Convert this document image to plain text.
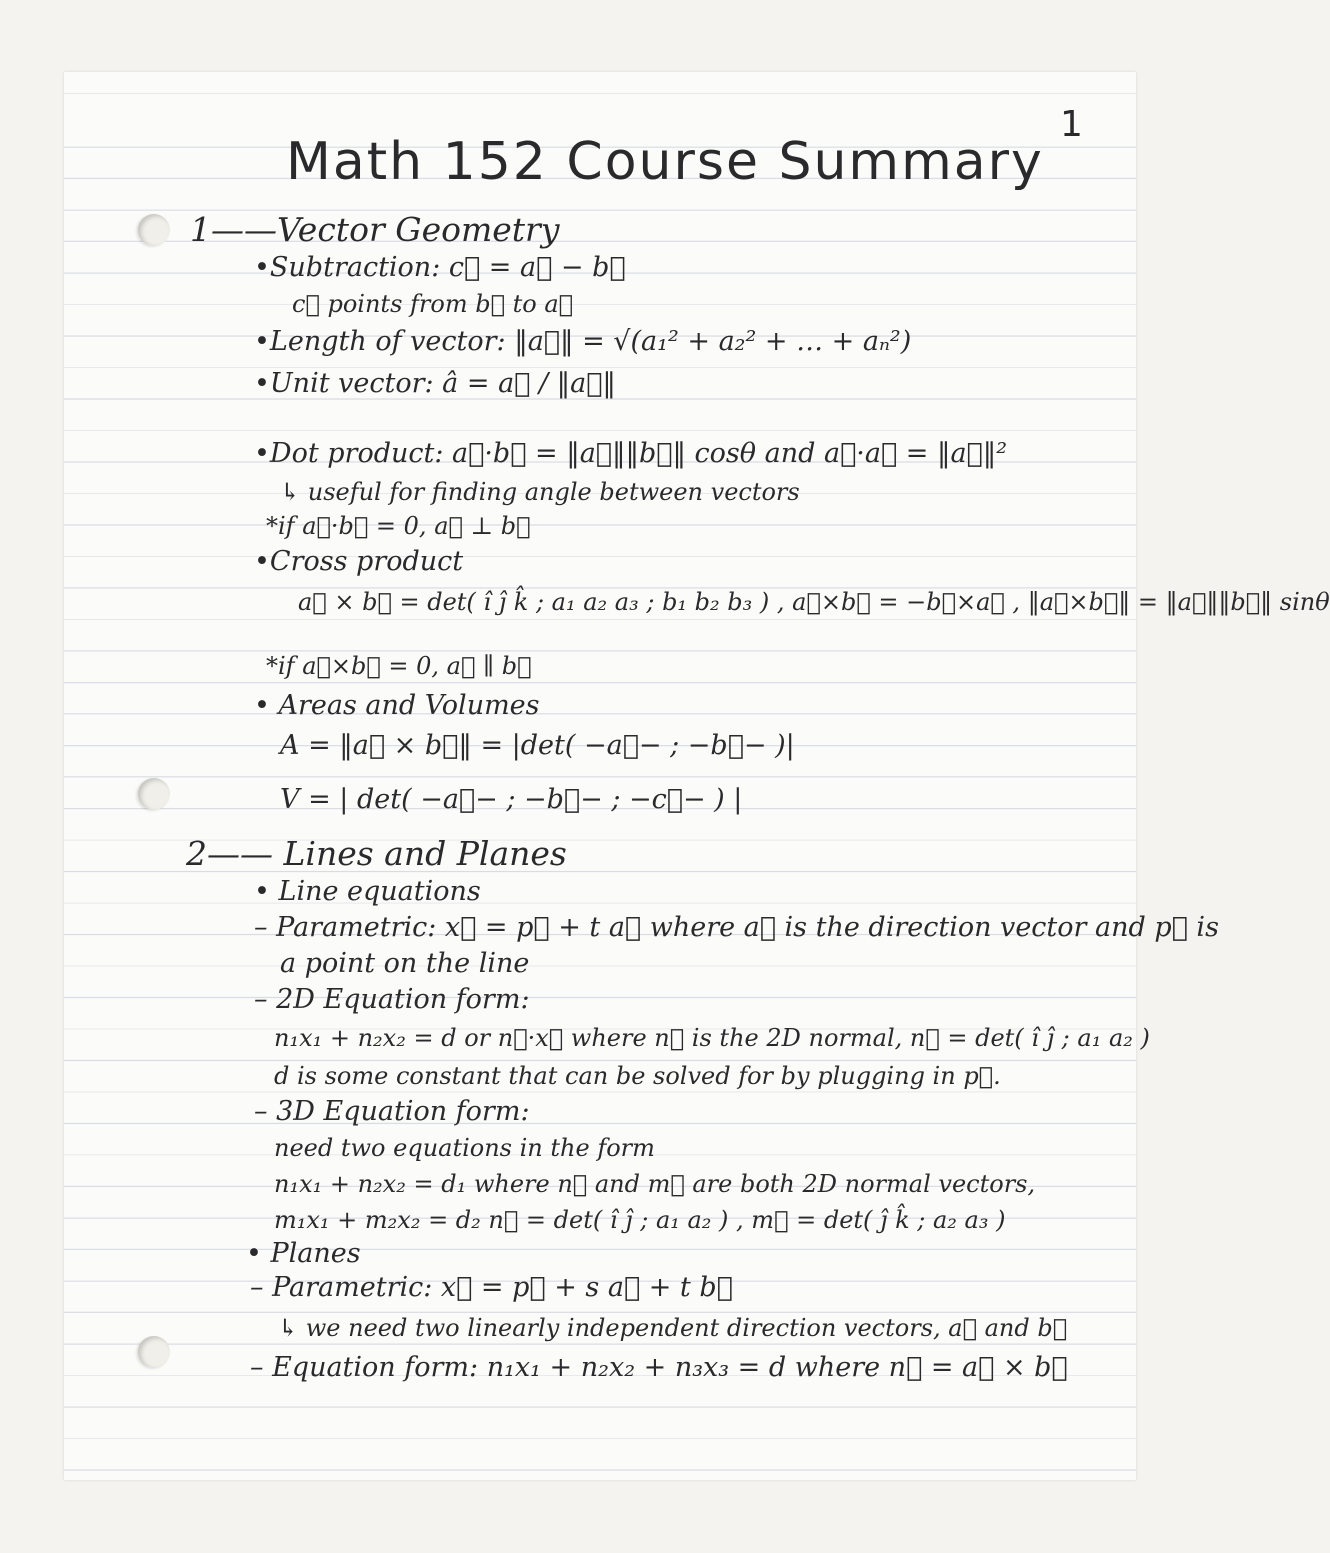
1
Math 152 Course Summary
1——Vector Geometry
•Subtraction: c⃗ = a⃗ − b⃗
c⃗ points from b⃗ to a⃗
•Length of vector: ‖a⃗‖ = √(a₁² + a₂² + … + aₙ²)
•Unit vector: â = a⃗ / ‖a⃗‖
•Dot product: a⃗·b⃗ = ‖a⃗‖‖b⃗‖ cosθ and a⃗·a⃗ = ‖a⃗‖²
↳ useful for finding angle between vectors
*if a⃗·b⃗ = 0, a⃗ ⊥ b⃗
•Cross product
a⃗ × b⃗ = det( î ĵ k̂ ; a₁ a₂ a₃ ; b₁ b₂ b₃ ) , a⃗×b⃗ = −b⃗×a⃗ , ‖a⃗×b⃗‖ = ‖a⃗‖‖b⃗‖ sinθ
*if a⃗×b⃗ = 0, a⃗ ∥ b⃗
• Areas and Volumes
A = ‖a⃗ × b⃗‖ = |det( −a⃗− ; −b⃗− )|
V = | det( −a⃗− ; −b⃗− ; −c⃗− ) |
2—— Lines and Planes
• Line equations
– Parametric: x⃗ = p⃗ + t a⃗ where a⃗ is the direction vector and p⃗ is
a point on the line
– 2D Equation form:
n₁x₁ + n₂x₂ = d or n⃗·x⃗ where n⃗ is the 2D normal, n⃗ = det( î ĵ ; a₁ a₂ )
d is some constant that can be solved for by plugging in p⃗.
– 3D Equation form:
need two equations in the form
n₁x₁ + n₂x₂ = d₁ where n⃗ and m⃗ are both 2D normal vectors,
m₁x₁ + m₂x₂ = d₂ n⃗ = det( î ĵ ; a₁ a₂ ) , m⃗ = det( ĵ k̂ ; a₂ a₃ )
• Planes
– Parametric: x⃗ = p⃗ + s a⃗ + t b⃗
↳ we need two linearly independent direction vectors, a⃗ and b⃗
– Equation form: n₁x₁ + n₂x₂ + n₃x₃ = d where n⃗ = a⃗ × b⃗
